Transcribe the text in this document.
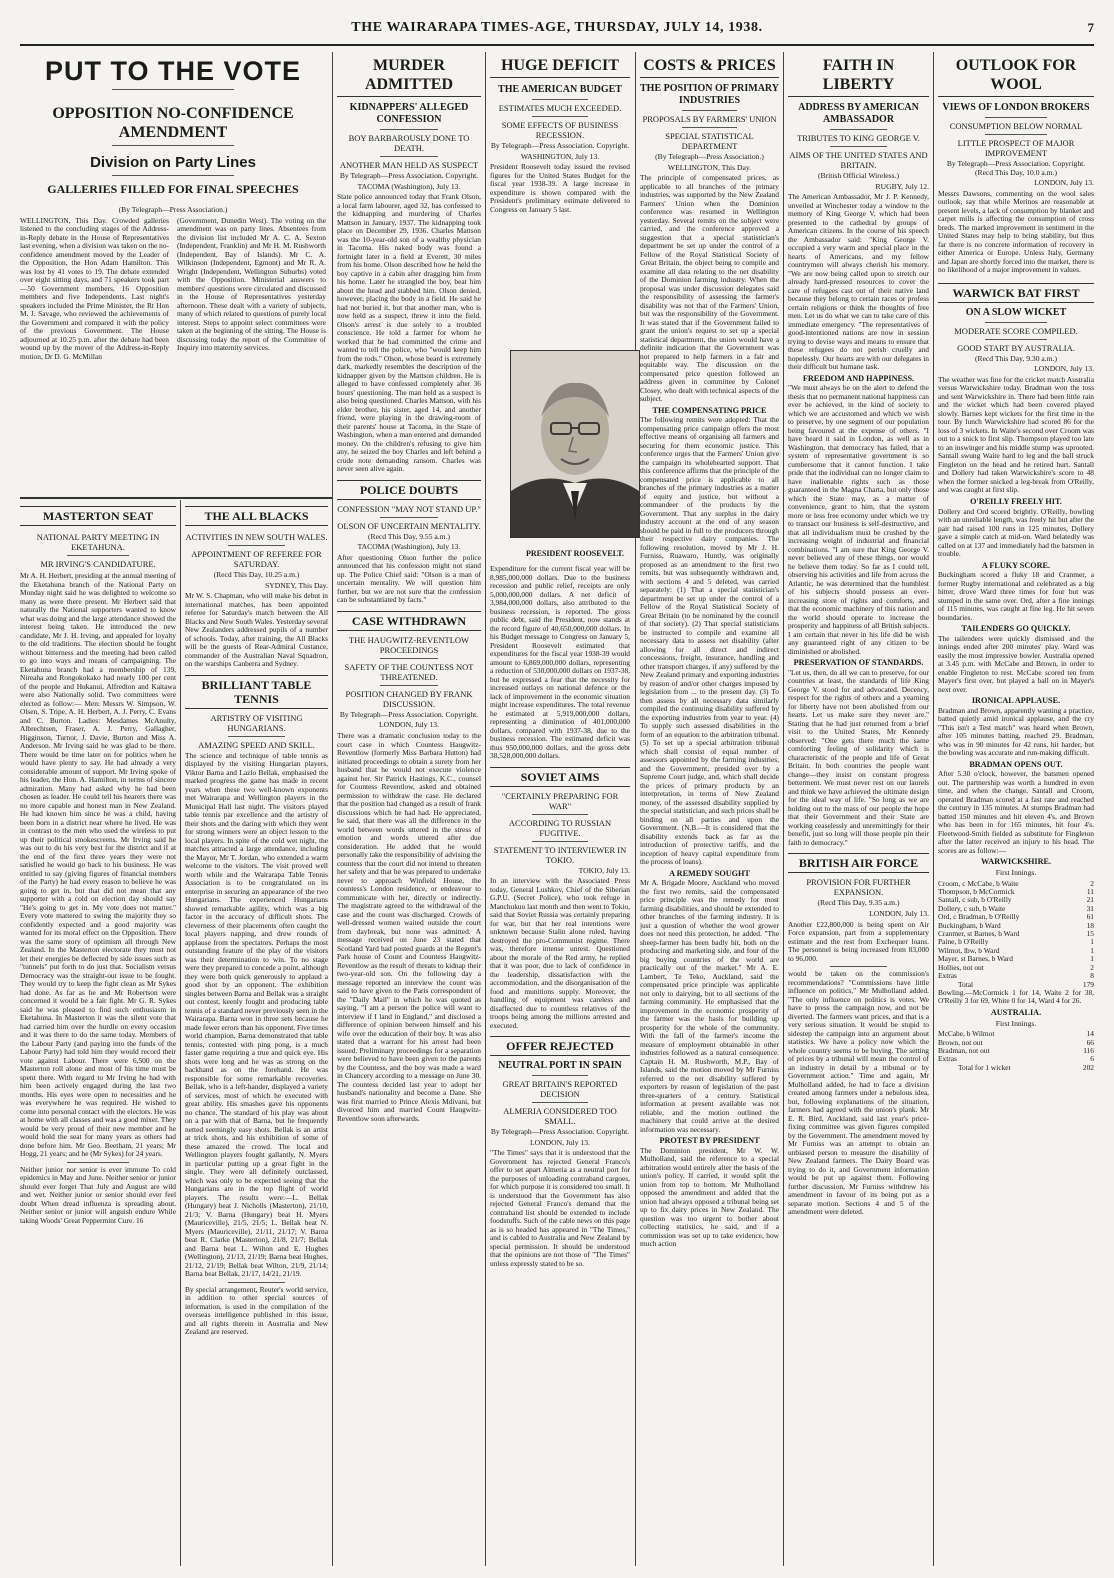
THE WAIRARAPA TIMES-AGE, THURSDAY, JULY 14, 1938.	7
PUT TO THE VOTE
OPPOSITION NO-CONFIDENCE AMENDMENT
Division on Party Lines
GALLERIES FILLED FOR FINAL SPEECHES
(By Telegraph—Press Association.)
WELLINGTON, This Day. Crowded galleries listened to the concluding stages of the Address-in-Reply debate in the House of Representatives last evening, when a division was taken on the no-confidence amendment moved by the Leader of the Opposition, the Hon Adam Hamilton. This was lost by 41 votes to 19. The debate extended over eight sitting days, and 71 speakers took part—50 Government members, 16 Opposition members and five Independents. Last night's speakers included the Prime Minister, the Rt Hon M. J. Savage, who reviewed the achievements of the Government and compared it with the policy of the previous Government. The House adjourned at 10.25 p.m. after the debate had been wound up by the mover of the Address-in-Reply motion, Dr D. G. McMillan
(Government, Dunedin West). The voting on the amendment was on party lines. Absentees from the division list included Mr A. C. A. Sexton (Independent, Franklin) and Mr H. M. Rushworth (Independent, Bay of Islands). Mr C. A. Wilkinson (Independent, Egmont) and Mr R. A. Wright (Independent, Wellington Suburbs) voted with the Opposition. Ministerial answers to members' questions were circulated and discussed in the House of Representatives yesterday afternoon. These dealt with a variety of subjects, many of which related to questions of purely local interest. Steps to appoint select committees were taken at the beginning of the sitting. The House is discussing today the report of the Committee of Inquiry into maternity services.
MASTERTON SEAT
NATIONAL PARTY MEETING IN EKETAHUNA.
MR IRVING'S CANDIDATURE.
Mr A. H. Herbert, presiding at the annual meeting of the Eketahuna branch of the National Party on Monday night said he was delighted to welcome so many as were there present. Mr Herbert said that naturally the National supporters wanted to know what was doing and the large attendance showed the interest being taken. He introduced the new candidate, Mr J. H. Irving, and appealed for loyalty to the old traditions. The election should be fought without bitterness and the meeting had been called to go into ways and means of campaigning. The Eketahuna branch had a membership of 139, Nireaha and Rongokokako had nearly 100 per cent of the people and Hukanui, Alfredton and Kaitawa were also Nationally solid. Two committees were elected as follow:— Men: Messrs W. Simpson, W. Olsen, S. Tripe, A. H. Herbert, A. J. Perry, C. Evans and C. Burton. Ladies: Mesdames McAnulty, Albrechtsen, Fraser, A. J. Perry, Gallagher, Higginson, Turnor, J. Davie, Burton and Miss A. Anderson. Mr Irving said he was glad to be there. There would be time later on for politics when he would have plenty to say. He had already a very considerable amount of support. Mr Irving spoke of his leader, the Hon. A. Hamilton, in terms of sincere admiration. Many had asked why he had been chosen as leader. He could tell his hearers there was no more capable and honest man in New Zealand. He had known him since he was a child, having been born in a district near where he lived. He was in contrast to the men who used the wireless to put up their political smokescreens. Mr Irving said he was out to do his very best for the district and if at the end of the first three years they were not satisfied he would go back to his business. He was entitled to say (giving figures of financial members of the Party) he had every reason to believe he was going to get in, but that did not mean that any supporter with a cold on election day should say "He's going to get in. My vote does not matter." Every vote mattered to swing the majority they so confidently expected and a good majority was wanted for its moral effect on the Opposition. There was the same story of optimism all through New Zealand. In the Masterton electorate they must not let their energies be deflected by side issues such as "tunnels" put forth to do just that. Socialism versus Democracy was the straight-out issue to be fought. They would try to keep the fight clean as Mr Sykes had done. As far as he and Mr Robertson were concerned it would be a fair fight. Mr G. R. Sykes said he was pleased to find such enthusiasm in Eketahuna. In Masterton it was the silent vote that had carried him over the hurdle on every occasion and it was there to do the same today. Members of the Labour Party (and paying into the funds of the Labour Party) had told him they would record their vote against Labour. There were 6,500 on the Masterton roll alone and most of his time must be spent there. With regard to Mr Irving he had with him been actively engaged during the last two months. His eyes were open to necessities and he was everywhere he was required. He wished to come into personal contact with the electors. He was at home with all classes and was a good mixer. They would be very proud of their new member and he would hold the seat for many years as others had done before him. Mr Geo. Beetham, 21 years; Mr Hogg, 21 years; and he (Mr Sykes) for 24 years.
Neither junior nor senior is ever immune To cold epidemics in May and June. Neither senior or junior should ever forget That July and August are wild and wet. Neither junior or senior should ever feel doubt When dread influenza is spreading about. Neither senior or junior will anguish endure While taking Woods' Great Peppermint Cure. 16
THE ALL BLACKS
ACTIVITIES IN NEW SOUTH WALES.
APPOINTMENT OF REFEREE FOR SATURDAY.
(Recd This Day, 10.25 a.m.)
SYDNEY, This Day.
Mr W. S. Chapman, who will make his debut in international matches, has been appointed referee for Saturday's match between the All Blacks and New South Wales. Yesterday several New Zealanders addressed pupils of a number of schools. Today, after training, the All Blacks will be the guests of Rear-Admiral Custance, commander of the Australian Naval Squadron, on the warships Canberra and Sydney.
BRILLIANT TABLE TENNIS
ARTISTRY OF VISITING HUNGARIANS.
AMAZING SPEED AND SKILL.
The science and technique of table tennis as displayed by the visiting Hungarian players, Viktor Barna and Lazlo Bellak, emphasised the marked progress the game has made in recent years when these two well-known exponents met Wairarapa and Wellington players in the Municipal Hall last night. The visitors played table tennis par excellence and the artistry of their shots and the daring with which they went for strong winners were an object lesson to the local players. In spite of the cold wet night, the matches attracted a large attendance, including the Mayor, Mr T. Jordan, who extended a warm welcome to the visitors. The visit proved well worth while and the Wairarapa Table Tennis Association is to be congratulated on its enterprise in securing an appearance of the two Hungarians. The experienced Hungarians showed remarkable agility, which was a big factor in the accuracy of difficult shots. The cleverness of their placements often caught the local players napping, and drew rounds of applause from the spectators. Perhaps the most outstanding feature of the play of the visitors was their determination to win. To no stage were they prepared to concede a point, although they were both quick generously to applaud a good shot by an opponent. The exhibition singles between Barna and Bellak was a straight out contest, keenly fought and producing table tennis of a standard never previously seen in the Wairarapa. Barna won in three sets because he made fewer errors than his opponent. Five times world champion, Barna demonstrated that table tennis, contested with ping pong, is a much faster game requiring a true and quick eye. His shots were long and he was as strong on the backhand as on the forehand. He was responsible for some remarkable recoveries. Bellak, who is a left-hander, displayed a variety of services, most of which he executed with great ability. His smashes gave his opponents no chance. The standard of his play was about on a par with that of Barna, but he frequently netted seemingly easy shots. Bellak is an artist at trick shots, and his exhibition of some of these amazed the crowd. The local and Wellington players fought gallantly, N. Myers in particular putting up a great fight in the single. They were all definitely outclassed, which was only to be expected seeing that the Hungarians are in the top flight of world players. The results were:—L. Bellak (Hungary) beat J. Nicholls (Masterton), 21/10, 21/3; V. Barna (Hungary) beat H. Myers (Mauriceville), 21/5, 21/5; L. Bellak beat N. Myers (Mauriceville), 21/11, 21/17; V. Barna beat R. Clarke (Masterton), 21/8, 21/7; Bellak and Barna beat L. Wilton and E. Hughes (Wellington), 21/13, 21/19; Barna beat Hughes, 21/12, 21/19; Bellak beat Wilton, 21/9, 21/14; Barna beat Bellak, 21/17, 14/21, 21/19.
By special arrangement, Reuter's world service, in addition to other special sources of information, is used in the compilation of the overseas intelligence published in this issue, and all rights therein in Australia and New Zealand are reserved.
MURDER ADMITTED
KIDNAPPERS' ALLEGED CONFESSION
BOY BARBAROUSLY DONE TO DEATH.
ANOTHER MAN HELD AS SUSPECT
By Telegraph—Press Association. Copyright.
TACOMA (Washington), July 13.
State police announced today that Frank Olson, a local farm labourer, aged 32, has confessed to the kidnapping and murdering of Charles Mattson in January, 1937. The kidnapping took place on December 29, 1936. Charles Mattson was the 10-year-old son of a wealthy physician in Tacoma. His naked body was found a fortnight later in a field at Everett, 30 miles from his home. Olson described how he held the boy captive in a cabin after dragging him from his home. Later he strangled the boy, beat him about the head and stabbed him. Olson denied, however, placing the body in a field. He said he had not buried it, but that another man, who is now held as a suspect, threw it into the field. Olson's arrest is due solely to a troubled conscience. He told a farmer for whom he worked that he had committed the crime and wanted to tell the police, who "would keep him from the rods." Olson, whose beard is extremely dark, markedly resembles the description of the kidnapper given by the Mattson children. He is alleged to have confessed completely after 36 hours' questioning. The man held as a suspect is also being questioned. Charles Mattson, with his elder brother, his sister, aged 14, and another friend, were playing in the drawing-room of their parents' house at Tacoma, in the State of Washington, when a man entered and demanded money. On the children's refusing to give him any, he seized the boy Charles and left behind a crude note demanding ransom. Charles was never seen alive again.
POLICE DOUBTS
CONFESSION "MAY NOT STAND UP."
OLSON OF UNCERTAIN MENTALITY.
(Recd This Day, 9.55 a.m.)
TACOMA (Washington), July 13.
After questioning Olson further the police announced that his confession might not stand up. The Police Chief said: "Olson is a man of uncertain mentality. We will question him further, but we are not sure that the confession can be substantiated by facts."
CASE WITHDRAWN
THE HAUGWITZ-REVENTLOW PROCEEDINGS
SAFETY OF THE COUNTESS NOT THREATENED.
POSITION CHANGED BY FRANK DISCUSSION.
By Telegraph—Press Association. Copyright.
LONDON, July 13.
There was a dramatic conclusion today to the court case in which Countess Haugwitz-Reventlow (formerly Miss Barbara Hutton) had initiated proceedings to obtain a surety from her husband that he would not execute violence against her. Sir Patrick Hastings, K.C., counsel for Countess Reventlow, asked and obtained permission to withdraw the case. He declared that the position had changed as a result of frank discussions which he had had. He appreciated, he said, that there was all the difference in the world between words uttered in the stress of emotion and words uttered after due consideration. He added that he would personally take the responsibility of advising the countess that the court did not intend to threaten her safety and that he was prepared to undertake never to approach Winfield House, the countess's London residence, or endeavour to communicate with her, directly or indirectly. The magistrate agreed to the withdrawal of the case and the count was discharged. Crowds of well-dressed women waited outside the court from daybreak, but none was admitted. A message received on June 23 stated that Scotland Yard had posted guards at the Regent's Park house of Count and Countess Haugwitz-Reventlow as the result of threats to kidnap their two-year-old son. On the following day a message reported an interview the count was said to have given to the Paris correspondent of the "Daily Mail" in which he was quoted as saying, "I am a person the police will want to interview if I land in England," and disclosed a difference of opinion between himself and his wife over the education of their boy. It was also stated that a warrant for his arrest had been issued. Preliminary proceedings for a separation were believed to have been given to the parents by the Countess, and the boy was made a ward in Chancery according to a message on June 30. The countess decided last year to adopt her husband's nationality and become a Dane. She was first married to Prince Alexis Mdivani, but divorced him and married Count Haugwitz-Reventlow soon afterwards.
HUGE DEFICIT
THE AMERICAN BUDGET
ESTIMATES MUCH EXCEEDED.
SOME EFFECTS OF BUSINESS RECESSION.
By Telegraph—Press Association. Copyright.
WASHINGTON, July 13.
President Roosevelt today issued the revised figures for the United States Budget for the fiscal year 1938-39. A large increase in expenditure is shown compared with the President's preliminary estimate delivered to Congress on January 5 last.
PRESIDENT ROOSEVELT.
Expenditure for the current fiscal year will be 8,985,000,000 dollars. Due to the business recession and public relief, receipts are only 5,000,000,000 dollars. A net deficit of 3,984,000,000 dollars, also attributed to the business recession, is reported. The gross public debt, said the President, now stands at the record figure of 40,650,000,000 dollars. In his Budget message to Congress on January 5, President Roosevelt estimated that expenditures for the fiscal year 1938-39 would amount to 6,869,000,000 dollars, representing a reduction of 530,000,000 dollars on 1937-38, but he expressed a fear that the necessity for increased outlays on national defence or the lack of improvement in the economic situation might increase expenditures. The total revenue he estimated at 5,919,000,000 dollars, representing a diminution of 401,000,000 dollars, compared with 1937-38, due to the business recession. The estimated deficit was thus 950,000,000 dollars, and the gross debt 38,528,000,000 dollars.
SOVIET AIMS
"CERTAINLY PREPARING FOR WAR"
ACCORDING TO RUSSIAN FUGITIVE.
STATEMENT TO INTERVIEWER IN TOKIO.
TOKIO, July 13.
In an interview with the Associated Press today, General Lushkov, Chief of the Siberian G.P.U. (Secret Police), who took refuge in Manchukuo last month and then went to Tokio, said that Soviet Russia was certainly preparing for war, but that her real intentions were unknown because Stalin alone ruled, having destroyed the pro-Communist regime. There was, therefore intense unrest. Questioned about the morale of the Red army, he replied that it was poor, due to lack of confidence in the leadership, dissatisfaction with the accommodation, and the disorganisation of the food and munitions supply. Moreover, the handling of equipment was careless and disaffected due to countless relatives of the troops being among the millions arrested and executed.
OFFER REJECTED
NEUTRAL PORT IN SPAIN
GREAT BRITAIN'S REPORTED DECISION
ALMERIA CONSIDERED TOO SMALL.
By Telegraph—Press Association. Copyright.
LONDON, July 13.
"The Times" says that it is understood that the Government has rejected General Franco's offer to set apart Almeria as a neutral port for the purposes of unloading contraband cargoes, for which purpose it is considered too small. It is understood that the Government has also rejected General Franco's demand that the contraband list should be extended to include foodstuffs. Such of the cable news on this page as is so headed has appeared in "The Times," and is cabled to Australia and New Zealand by special permission. It should be understood that the opinions are not those of "The Times" unless expressly stated to be so.
COSTS & PRICES
THE POSITION OF PRIMARY INDUSTRIES
PROPOSALS BY FARMERS' UNION
SPECIAL STATISTICAL DEPARTMENT
(By Telegraph—Press Association.)
WELLINGTON, This Day.
The principle of compensated prices, as applicable to all branches of the primary industries, was supported by the New Zealand Farmers' Union when the Dominion conference was resumed in Wellington yesterday. Several remits on the subject were carried, and the conference approved a suggestion that a special statistician's department be set up under the control of a Fellow of the Royal Statistical Society of Great Britain, the object being to compile and examine all data relating to the net disability of the Dominion farming industry. When the proposal was under discussion delegates said the responsibility of assessing the farmer's disability was not that of the Farmers' Union, but was the responsibility of the Government. It was stated that if the Government failed to grant the union's request to set up a special statistical department, the union would have a definite indication that the Government was not prepared to help farmers in a fair and equitable way. The discussion on the compensated price question followed an address given in committee by Colonel Closey, who dealt with technical aspects of the subject.
THE COMPENSATING PRICE
The following remits were adopted: That the compensating price campaign offers the most effective means of organising all farmers and securing for them economic justice. This conference urges that the Farmers' Union give the campaign its wholehearted support. That this conference affirms that the principle of the compensated price is applicable to all branches of the primary industries as a matter of equity and justice, but without a commandeer of the products by the Government. That any surplus in the dairy industry account at the end of any season should be paid in full to the producers through their respective dairy companies. The following resolution, moved by Mr J. H. Furniss, Ruawaro, Huntly, was originally proposed as an amendment to the first two remits, but was subsequently withdrawn and, with sections 4 and 5 deleted, was carried separately: (1) That a special statistician's department be set up under the control of a Fellow of the Royal Statistical Society of Great Britain (to be nominated by the council of that society). (2) That special statisticians be instructed to compile and examine all necessary data to assess net disability (after allowing for all direct and indirect concessions, freight, insurance, handling and other transport charges, if any) suffered by the New Zealand primary and exporting industries by reason of and/or other charges imposed by legislation from ... to the present day. (3) To then assess by all necessary data similarly compiled the continuing disability suffered by the exporting industries from year to year. (4) To supply such assessed disabilities in the form of an equation to the arbitration tribunal. (5) To set up a special arbitration tribunal which shall consist of equal number of assessors appointed by the farming industries, and the Government, presided over by a Supreme Court judge, and, which shall decide the prices of primary products by an interpretation, in terms of New Zealand money, of the assessed disability supplied by the special statistician, and such prices shall be binding on all parties and upon the Government. (N.B.—It is considered that the disability extends back as far as the introduction of protective tariffs, and the inception of heavy capital expenditure from the process of loans).
A REMEDY SOUGHT
Mr A. Brigade Moore, Auckland who moved the first two remits, said the compensated price principle was the remedy for most farming disabilities, and should be extended to other branches of the farming industry. It is just a question of whether the wool grower does not need this protection, he added. "The sheep-farmer has been badly hit, both on the producing and marketing side, and four of the big buying countries of the world are practically out of the market." Mr A. E. Lambert, Te Teko, Auckland, said the compensated price principle was applicable not only to dairying, but to all sections of the farming community. He emphasised that the improvement in the economic prosperity of the farmer was the basis for building up prosperity for the whole of the community. With the fall of the farmer's income the measure of employment obtainable in other industries followed as a natural consequence. Captain H. M. Rushworth, M.P., Bay of Islands, said the motion moved by Mr Furniss referred to the net disability suffered by exporters by reason of legislation of the past three-quarters of a century. Statistical information at present available was not reliable, and the motion outlined the machinery that could arrive at the desired information was necessary.
PROTEST BY PRESIDENT
The Dominion president, Mr W. W. Mulholland, said the reference to a special arbitration would entirely alter the basis of the union's policy. If carried, it would split the union from top to bottom. Mr Mulholland opposed the amendment and added that the union had always opposed a tribunal being set up to fix dairy prices in New Zealand. The question was too urgent to bother about collecting statistics, he said, and if a commission was set up to take evidence, how much action
FAITH IN LIBERTY
ADDRESS BY AMERICAN AMBASSADOR
TRIBUTES TO KING GEORGE V.
AIMS OF THE UNITED STATES AND BRITAIN.
(British Official Wireless.)
RUGBY, July 12.
The American Ambassador, Mr J. P. Kennedy, unveiled at Winchester today a window to the memory of King George V, which had been presented to the cathedral by groups of American citizens. In the course of his speech the Ambassador said: "King George V. occupied a very warm and special place in the hearts of Americans, and my fellow countrymen will always cherish his memory. "We are now being called upon to stretch our already hard-pressed resources to cover the care of refugees cast out of their native land because they belong to certain races or profess certain religions or think the thoughts of free men. Let us do what we can to take care of this immediate emergency. "The representatives of good-intentioned nations are now in session trying to devise ways and means to ensure that these refugees do not perish cruelly and hopelessly. Our hearts are with our delegates in their difficult but humane task.
FREEDOM AND HAPPINESS.
"We must always be on the alert to defend the thesis that no permanent national happiness can ever be achieved, in the kind of society to which we are accustomed and which we wish to preserve, by one segment of our population being favoured at the expense of others. "I have heard it said in London, as well as in Washington, that democracy has failed, that a system of representative government is so cumbersome that it cannot function. I take pride that the individual can no longer claim to have inalienable rights such as those guaranteed in the Magna Charta, but only those which the State may, as a matter of convenience, grant to him, that the system more or less free economy under which we try to transact our business is self-destructive, and that all individualism must be crushed by the increasing weight of industrial and financial combinations. "I am sure that King George V. never believed any of these things, nor would he believe them today. So far as I could tell, observing his activities and life from across the Atlantic, he was determined that the humblest of his subjects should possess an ever-increasing store of rights and comforts, and that the economic machinery of this nation and the world should operate to increase the prosperity and happiness of all British subjects. I am certain that never in his life did he wish any guaranteed right of any citizen to be diminished or abolished.
PRESERVATION OF STANDARDS.
"Let us, then, do all we can to preserve, for our countries at least, the standards of life King George V. stood for and advocated. Decency, respect for the rights of others and a yearning for liberty have not been abolished from our hearts. Let us make sure they never are." Stating that he had just returned from a brief visit to the United States, Mr Kennedy observed: "One gets there much the same comforting feeling of solidarity which is characteristic of the people and life of Great Britain. In both countries the people want change—they insist on constant progress betterment. We must never rest on our laurels and think we have achieved the ultimate design for the ideal way of life. "So long as we are holding out to the mass of our people the hope that their Government and their State are working ceaselessly and unremittingly for their benefit, just so long will those people pin their faith to democracy."
BRITISH AIR FORCE
PROVISION FOR FURTHER EXPANSION.
(Recd This Day, 9.35 a.m.)
LONDON, July 13.
Another £22,800,000 is being spent on Air Force expansion, part from a supplementary estimate and the rest from Exchequer loans. The personnel is being increased from 83,000 to 96,000.
would be taken on the commission's recommendations? "Commissions have little influence on politics," Mr Mulholland added. "The only influence on politics is votes. We have to press the campaign now, and not be diverted. The farmers want prices, and that is a very serious situation. It would be stupid to sidestep the campaign into an argument about statistics. We have a policy now which the whole country seems to be buying. The setting of prices by a tribunal will mean the control of an industry in detail by a tribunal or by Government action." Time and again, Mr Mulholland added, he had to face a division created among farmers under a nebulous idea, but, following explanations of the situation, farmers had agreed with the union's plank. Mr E. R. Bird, Auckland, said last year's price-fixing committee was given figures compiled by the Government. The amendment moved by Mr Furniss was an attempt to obtain an unbiased person to measure the disability of New Zealand farmers. The Dairy Board was trying to do it, and Government information would be put up against them. Following further discussion, Mr Furniss withdrew his amendment in favour of its being put as a separate motion. Sections 4 and 5 of the amendment were deleted.
OUTLOOK FOR WOOL
VIEWS OF LONDON BROKERS
CONSUMPTION BELOW NORMAL
LITTLE PROSPECT OF MAJOR IMPROVEMENT
By Telegraph—Press Association. Copyright. (Recd This Day, 10.0 a.m.)
LONDON, July 13.
Messrs Dawsons, commenting on the wool sales outlook, say that while Merinos are reasonable at present levels, a lack of consumption by blanket and carpet mills is affecting the consumption of cross breds. The marked improvement in sentiment in the United States may help to bring stability, but thus far there is no concrete information of recovery in either America or Europe. Unless Italy, Germany and Japan are shortly forced into the market, there is no likelihood of a major improvement in values.
WARWICK BAT FIRST
ON A SLOW WICKET
MODERATE SCORE COMPILED.
GOOD START BY AUSTRALIA.
(Recd This Day, 9.30 a.m.)
LONDON, July 13.
The weather was fine for the cricket match Australia versus Warwickshire today. Bradman won the toss and sent Warwickshire in. There had been little rain and the wicket which had been covered played slowly. Barnes kept wickets for the first time in the tour. By lunch Warwickshire had scored 86 for the loss of 3 wickets. In Waite's second over Croom was out to a snick to first slip. Thompson played too late to an inswinger and his middle stump was uprooted. Santall swung Waite hard to leg and the ball struck Fingleton on the head and he retired hurt. Santall and Dollery had taken Warwickshire's score to 48 when the former snicked a leg-break from O'Reilly, and was caught at first slip.
O'REILLY FREELY HIT.
Dollery and Ord scored brightly. O'Reilly, bowling with an unreliable length, was freely hit but after the pair had raised 100 runs in 125 minutes, Dollery gave a simple catch at mid-on. Ward belatedly was called on at 137 and immediately had the batsmen in trouble.
A FLUKY SCORE.
Buckingham scored a fluky 18 and Cranmer, a former Rugby international and celebrated as a big hitter, drove Ward three times for four but was stumped in the same over. Ord, after a fine innings of 115 minutes, was caught at fine leg. He hit seven boundaries.
TAILENDERS GO QUICKLY.
The tailenders were quickly dismissed and the innings ended after 200 minutes' play. Ward was easily the most impressive bowler. Australia opened at 3.45 p.m. with McCabe and Brown, in order to enable Fingleton to rest. McCabe scored ten from Mayer's first over, but played a ball on in Mayer's next over.
IRONICAL APPLAUSE.
Bradman and Brown, apparently wanting a practice, batted quietly amid ironical applause, and the cry "This isn't a Test match" was heard when Brown, after 105 minutes batting, reached 29. Bradman, who was in 90 minutes for 42 runs, hit harder, but the bowling was accurate and run-making difficult.
BRADMAN OPENS OUT.
After 5.30 o'clock, however, the batsmen opened out. The partnership was worth a hundred in even time, and when the change, Santall and Croom, operated Bradman scored at a fast rate and reached the century in 135 minutes. At stumps Bradman had batted 150 minutes and hit eleven 4's, and Brown who has been in for 165 minutes, hit four 4's. Fleetwood-Smith fielded as substitute for Fingleton after the latter received an injury to his head. The scores are as follow:—
WARWICKSHIRE.
First Innings.
Croom, c McCabe, b Waite	2
Thompson, b McCormick	11
Santall, c sub, b O'Reilly	21
Dollery, c sub, b Waite	31
Ord, c Bradman, b O'Reilly	61
Buckingham, b Ward	18
Cranmer, st Barnes, b Ward	15
Paine, b O'Reilly	1
Wilmot, lbw, b Ward	1
Mayer, st Barnes, b Ward	1
Hollies, not out	2
Extras	8
Total	179
Bowling.—McCormick 1 for 14, Waite 2 for 38, O'Reilly 3 for 69, White 0 for 14, Ward 4 for 26.
AUSTRALIA.
First Innings.
McCabe, b Wilmot	14
Brown, not out	66
Bradman, not out	116
Extras	6
Total for 1 wicket	202
